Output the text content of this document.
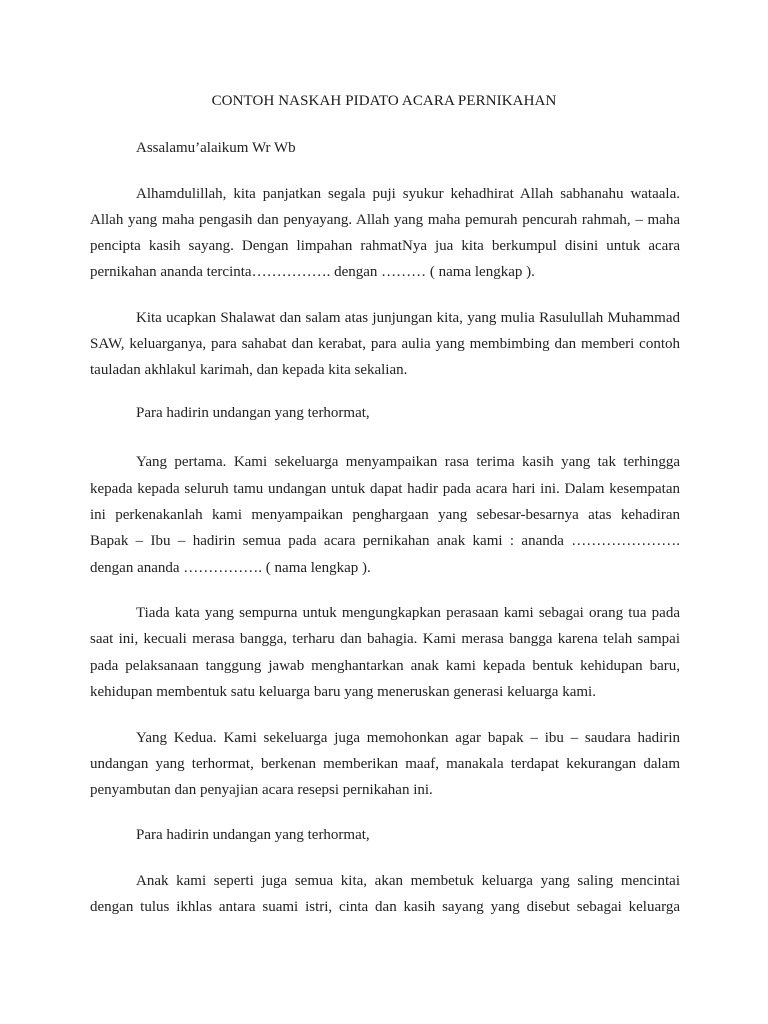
CONTOH NASKAH PIDATO ACARA PERNIKAHAN
Assalamu’alaikum Wr Wb
Alhamdulillah, kita panjatkan segala puji syukur kehadhirat Allah sabhanahu wataala.
Allah yang maha pengasih dan penyayang. Allah yang maha pemurah pencurah rahmah, – maha
pencipta kasih sayang. Dengan limpahan rahmatNya jua kita berkumpul disini untuk acara
pernikahan ananda tercinta……………. dengan ……… ( nama lengkap ).
Kita ucapkan Shalawat dan salam atas junjungan kita, yang mulia Rasulullah Muhammad
SAW, keluarganya, para sahabat dan kerabat, para aulia yang membimbing dan memberi contoh
tauladan akhlakul karimah, dan kepada kita sekalian.
Para hadirin undangan yang terhormat,
Yang pertama. Kami sekeluarga menyampaikan rasa terima kasih yang tak terhingga
kepada kepada seluruh tamu undangan untuk dapat hadir pada acara hari ini. Dalam kesempatan
ini perkenakanlah kami menyampaikan penghargaan yang sebesar-besarnya atas kehadiran
Bapak – Ibu – hadirin semua pada acara pernikahan anak kami : ananda ………………….
dengan ananda ……………. ( nama lengkap ).
Tiada kata yang sempurna untuk mengungkapkan perasaan kami sebagai orang tua pada
saat ini, kecuali merasa bangga, terharu dan bahagia. Kami merasa bangga karena telah sampai
pada pelaksanaan tanggung jawab menghantarkan anak kami kepada bentuk kehidupan baru,
kehidupan membentuk satu keluarga baru yang meneruskan generasi keluarga kami.
Yang Kedua. Kami sekeluarga juga memohonkan agar bapak – ibu – saudara hadirin
undangan yang terhormat, berkenan memberikan maaf, manakala terdapat kekurangan dalam
penyambutan dan penyajian acara resepsi pernikahan ini.
Para hadirin undangan yang terhormat,
Anak kami seperti juga semua kita, akan membetuk keluarga yang saling mencintai
dengan tulus ikhlas antara suami istri, cinta dan kasih sayang yang disebut sebagai keluarga
